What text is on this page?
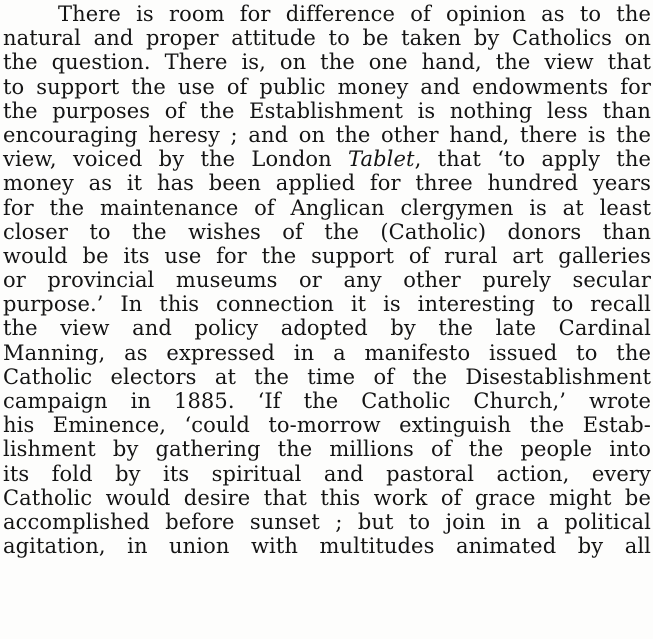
There is room for difference of opinion as to the
natural and proper attitude to be taken by Catholics on
the question. There is, on the one hand, the view that
to support the use of public money and endowments for
the purposes of the Establishment is nothing less than
encouraging heresy ; and on the other hand, there is the
view, voiced by the London Tablet, that ‘to apply the
money as it has been applied for three hundred years
for the maintenance of Anglican clergymen is at least
closer to the wishes of the (Catholic) donors than
would be its use for the support of rural art galleries
or provincial museums or any other purely secular
purpose.’ In this connection it is interesting to recall
the view and policy adopted by the late Cardinal
Manning, as expressed in a manifesto issued to the
Catholic electors at the time of the Disestablishment
campaign in 1885. ‘If the Catholic Church,’ wrote
his Eminence, ‘could to-morrow extinguish the Estab-
lishment by gathering the millions of the people into
its fold by its spiritual and pastoral action, every
Catholic would desire that this work of grace might be
accomplished before sunset ; but to join in a political
agitation, in union with multitudes animated by all
